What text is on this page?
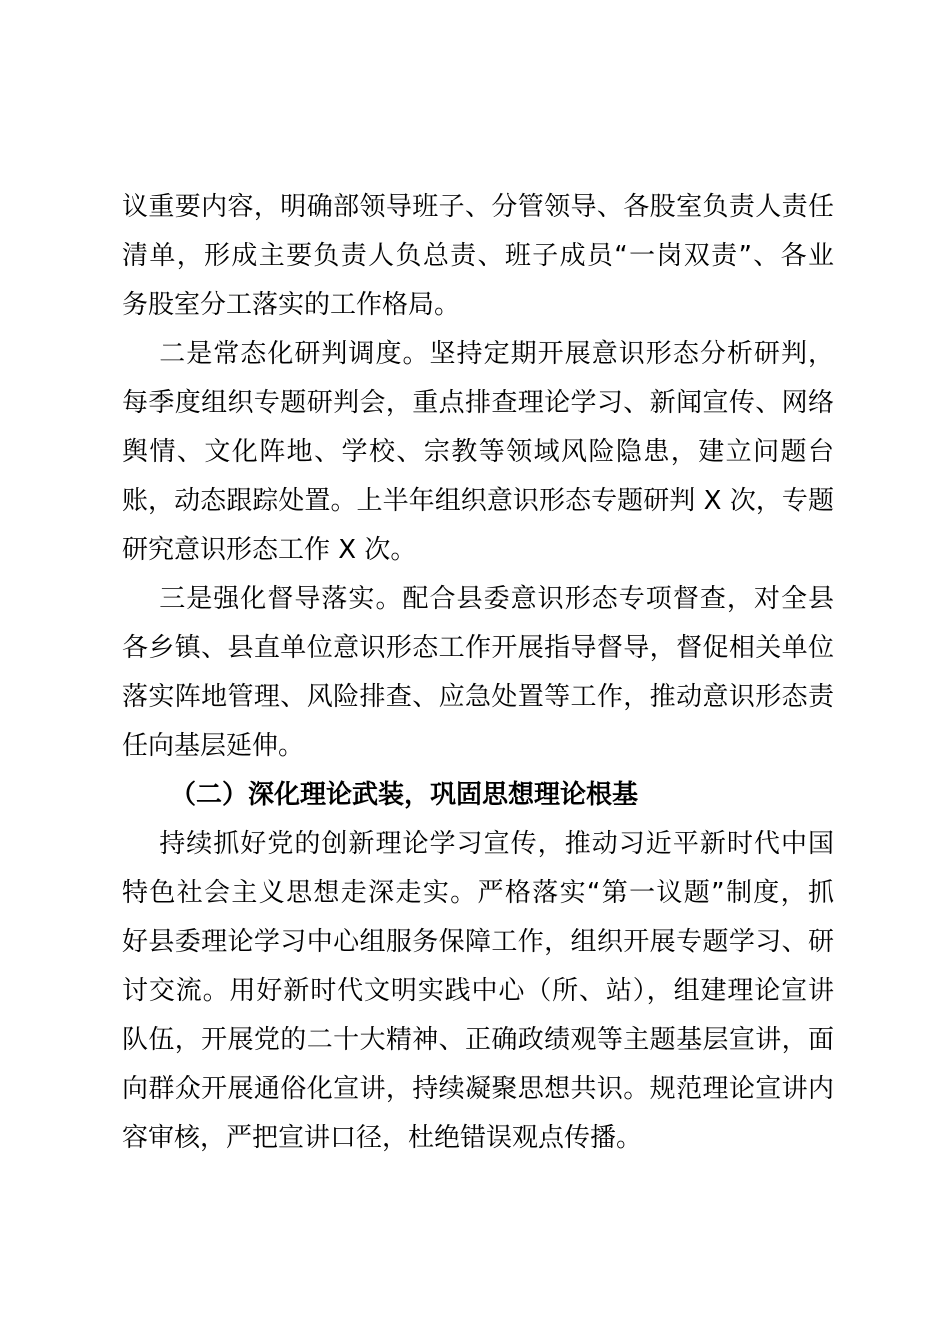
议重要内容，明确部领导班子、分管领导、各股室负责人责任
清单，形成主要负责人负总责、班子成员“一岗双责”、各业
务股室分工落实的工作格局。
二是常态化研判调度。坚持定期开展意识形态分析研判，
每季度组织专题研判会，重点排查理论学习、新闻宣传、网络
舆情、文化阵地、学校、宗教等领域风险隐患，建立问题台
账，动态跟踪处置。上半年组织意识形态专题研判 X 次，专题
研究意识形态工作 X 次。
三是强化督导落实。配合县委意识形态专项督查，对全县
各乡镇、县直单位意识形态工作开展指导督导，督促相关单位
落实阵地管理、风险排查、应急处置等工作，推动意识形态责
任向基层延伸。
（二）深化理论武装，巩固思想理论根基
持续抓好党的创新理论学习宣传，推动习近平新时代中国
特色社会主义思想走深走实。严格落实“第一议题”制度，抓
好县委理论学习中心组服务保障工作，组织开展专题学习、研
讨交流。用好新时代文明实践中心（所、站），组建理论宣讲
队伍，开展党的二十大精神、正确政绩观等主题基层宣讲，面
向群众开展通俗化宣讲，持续凝聚思想共识。规范理论宣讲内
容审核，严把宣讲口径，杜绝错误观点传播。
